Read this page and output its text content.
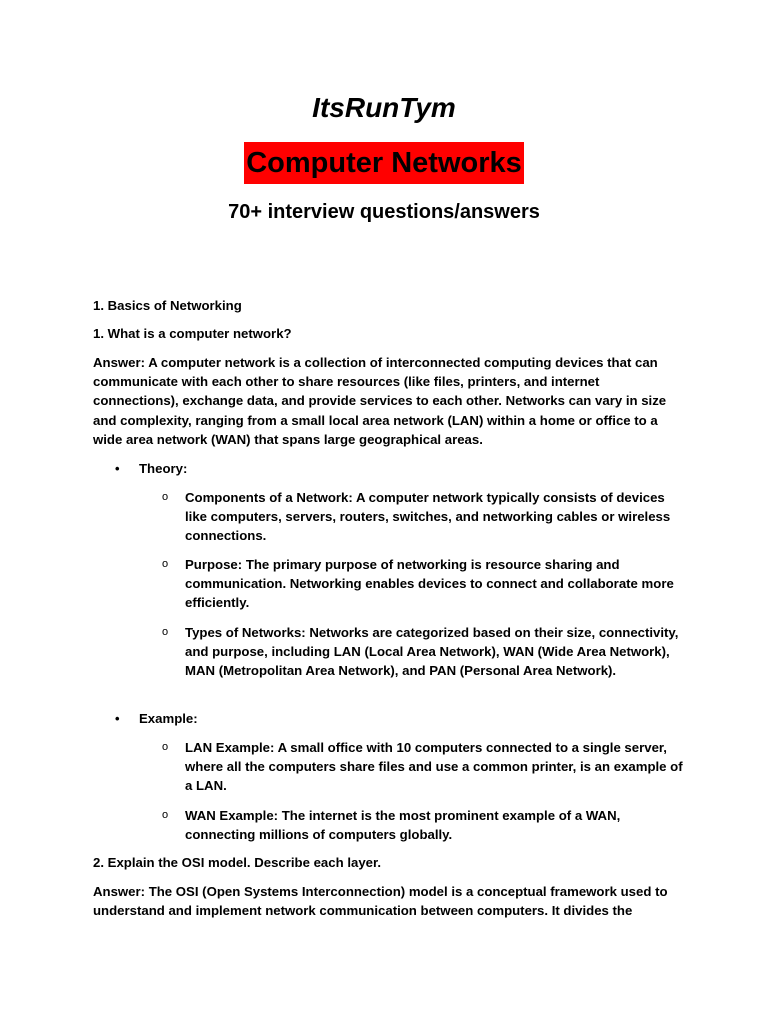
ItsRunTym
Computer Networks
70+ interview questions/answers

1. Basics of Networking

1. What is a computer network?

Answer: A computer network is a collection of interconnected computing devices that can communicate with each other to share resources (like files, printers, and internet connections), exchange data, and provide services to each other. Networks can vary in size and complexity, ranging from a small local area network (LAN) within a home or office to a wide area network (WAN) that spans large geographical areas.

• Theory:
o Components of a Network: A computer network typically consists of devices like computers, servers, routers, switches, and networking cables or wireless connections.

o Purpose: The primary purpose of networking is resource sharing and communication. Networking enables devices to connect and collaborate more efficiently.

o Types of Networks: Networks are categorized based on their size, connectivity, and purpose, including LAN (Local Area Network), WAN (Wide Area Network), MAN (Metropolitan Area Network), and PAN (Personal Area Network).

• Example:
o LAN Example: A small office with 10 computers connected to a single server, where all the computers share files and use a common printer, is an example of a LAN.

o WAN Example: The internet is the most prominent example of a WAN, connecting millions of computers globally.

2. Explain the OSI model. Describe each layer.

Answer: The OSI (Open Systems Interconnection) model is a conceptual framework used to understand and implement network communication between computers. It divides the
